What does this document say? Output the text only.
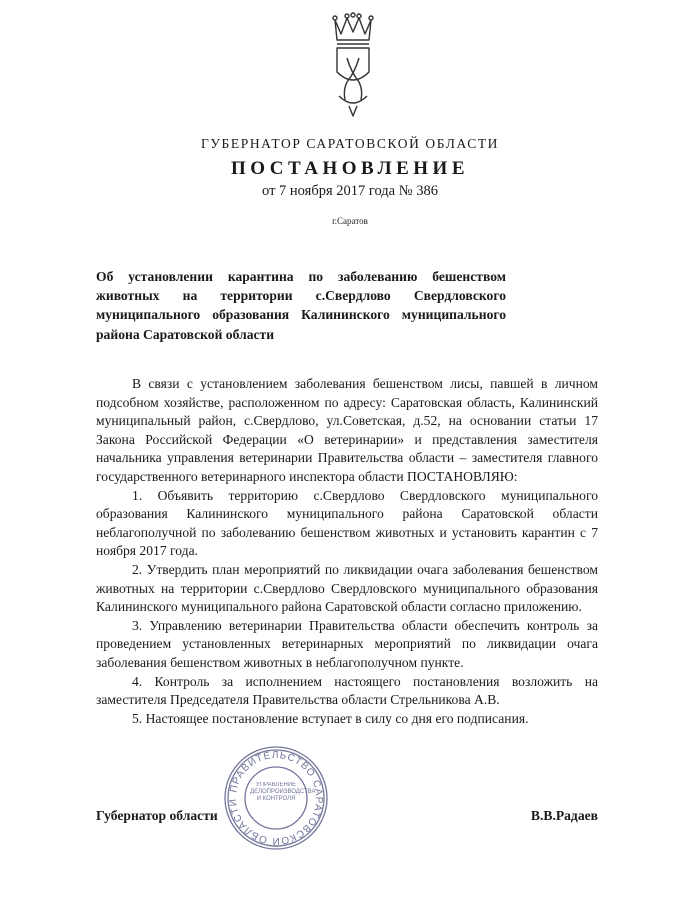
ГУБЕРНАТОР САРАТОВСКОЙ ОБЛАСТИ
ПОСТАНОВЛЕНИЕ
от 7 ноября 2017 года № 386
г.Саратов
Об установлении карантина по заболеванию бешенством животных на территории с.Свердлово Свердловского муниципального образования Калининского муниципального района Саратовской области

В связи с установлением заболевания бешенством лисы, павшей в личном подсобном хозяйстве, расположенном по адресу: Саратовская область, Калининский муниципальный район, с.Свердлово, ул.Советская, д.52, на основании статьи 17 Закона Российской Федерации «О ветеринарии» и представления заместителя начальника управления ветеринарии Правительства области – заместителя главного государственного ветеринарного инспектора области ПОСТАНОВЛЯЮ:

1. Объявить территорию с.Свердлово Свердловского муниципального образования Калининского муниципального района Саратовской области неблагополучной по заболеванию бешенством животных и установить карантин с 7 ноября 2017 года.

2. Утвердить план мероприятий по ликвидации очага заболевания бешенством животных на территории с.Свердлово Свердловского муниципального образования Калининского муниципального района Саратовской области согласно приложению.

3. Управлению ветеринарии Правительства области обеспечить контроль за проведением установленных ветеринарных мероприятий по ликвидации очага заболевания бешенством животных в неблагополучном пункте.

4. Контроль за исполнением настоящего постановления возложить на заместителя Председателя Правительства области Стрельникова А.В.

5. Настоящее постановление вступает в силу со дня его подписания.

Губернатор области	В.В.Радаев
ПРАВИТЕЛЬСТВО САРАТОВСКОЙ ОБЛАСТИ
УПРАВЛЕНИЕ ДЕЛОПРОИЗВОДСТВА И КОНТРОЛЯ
